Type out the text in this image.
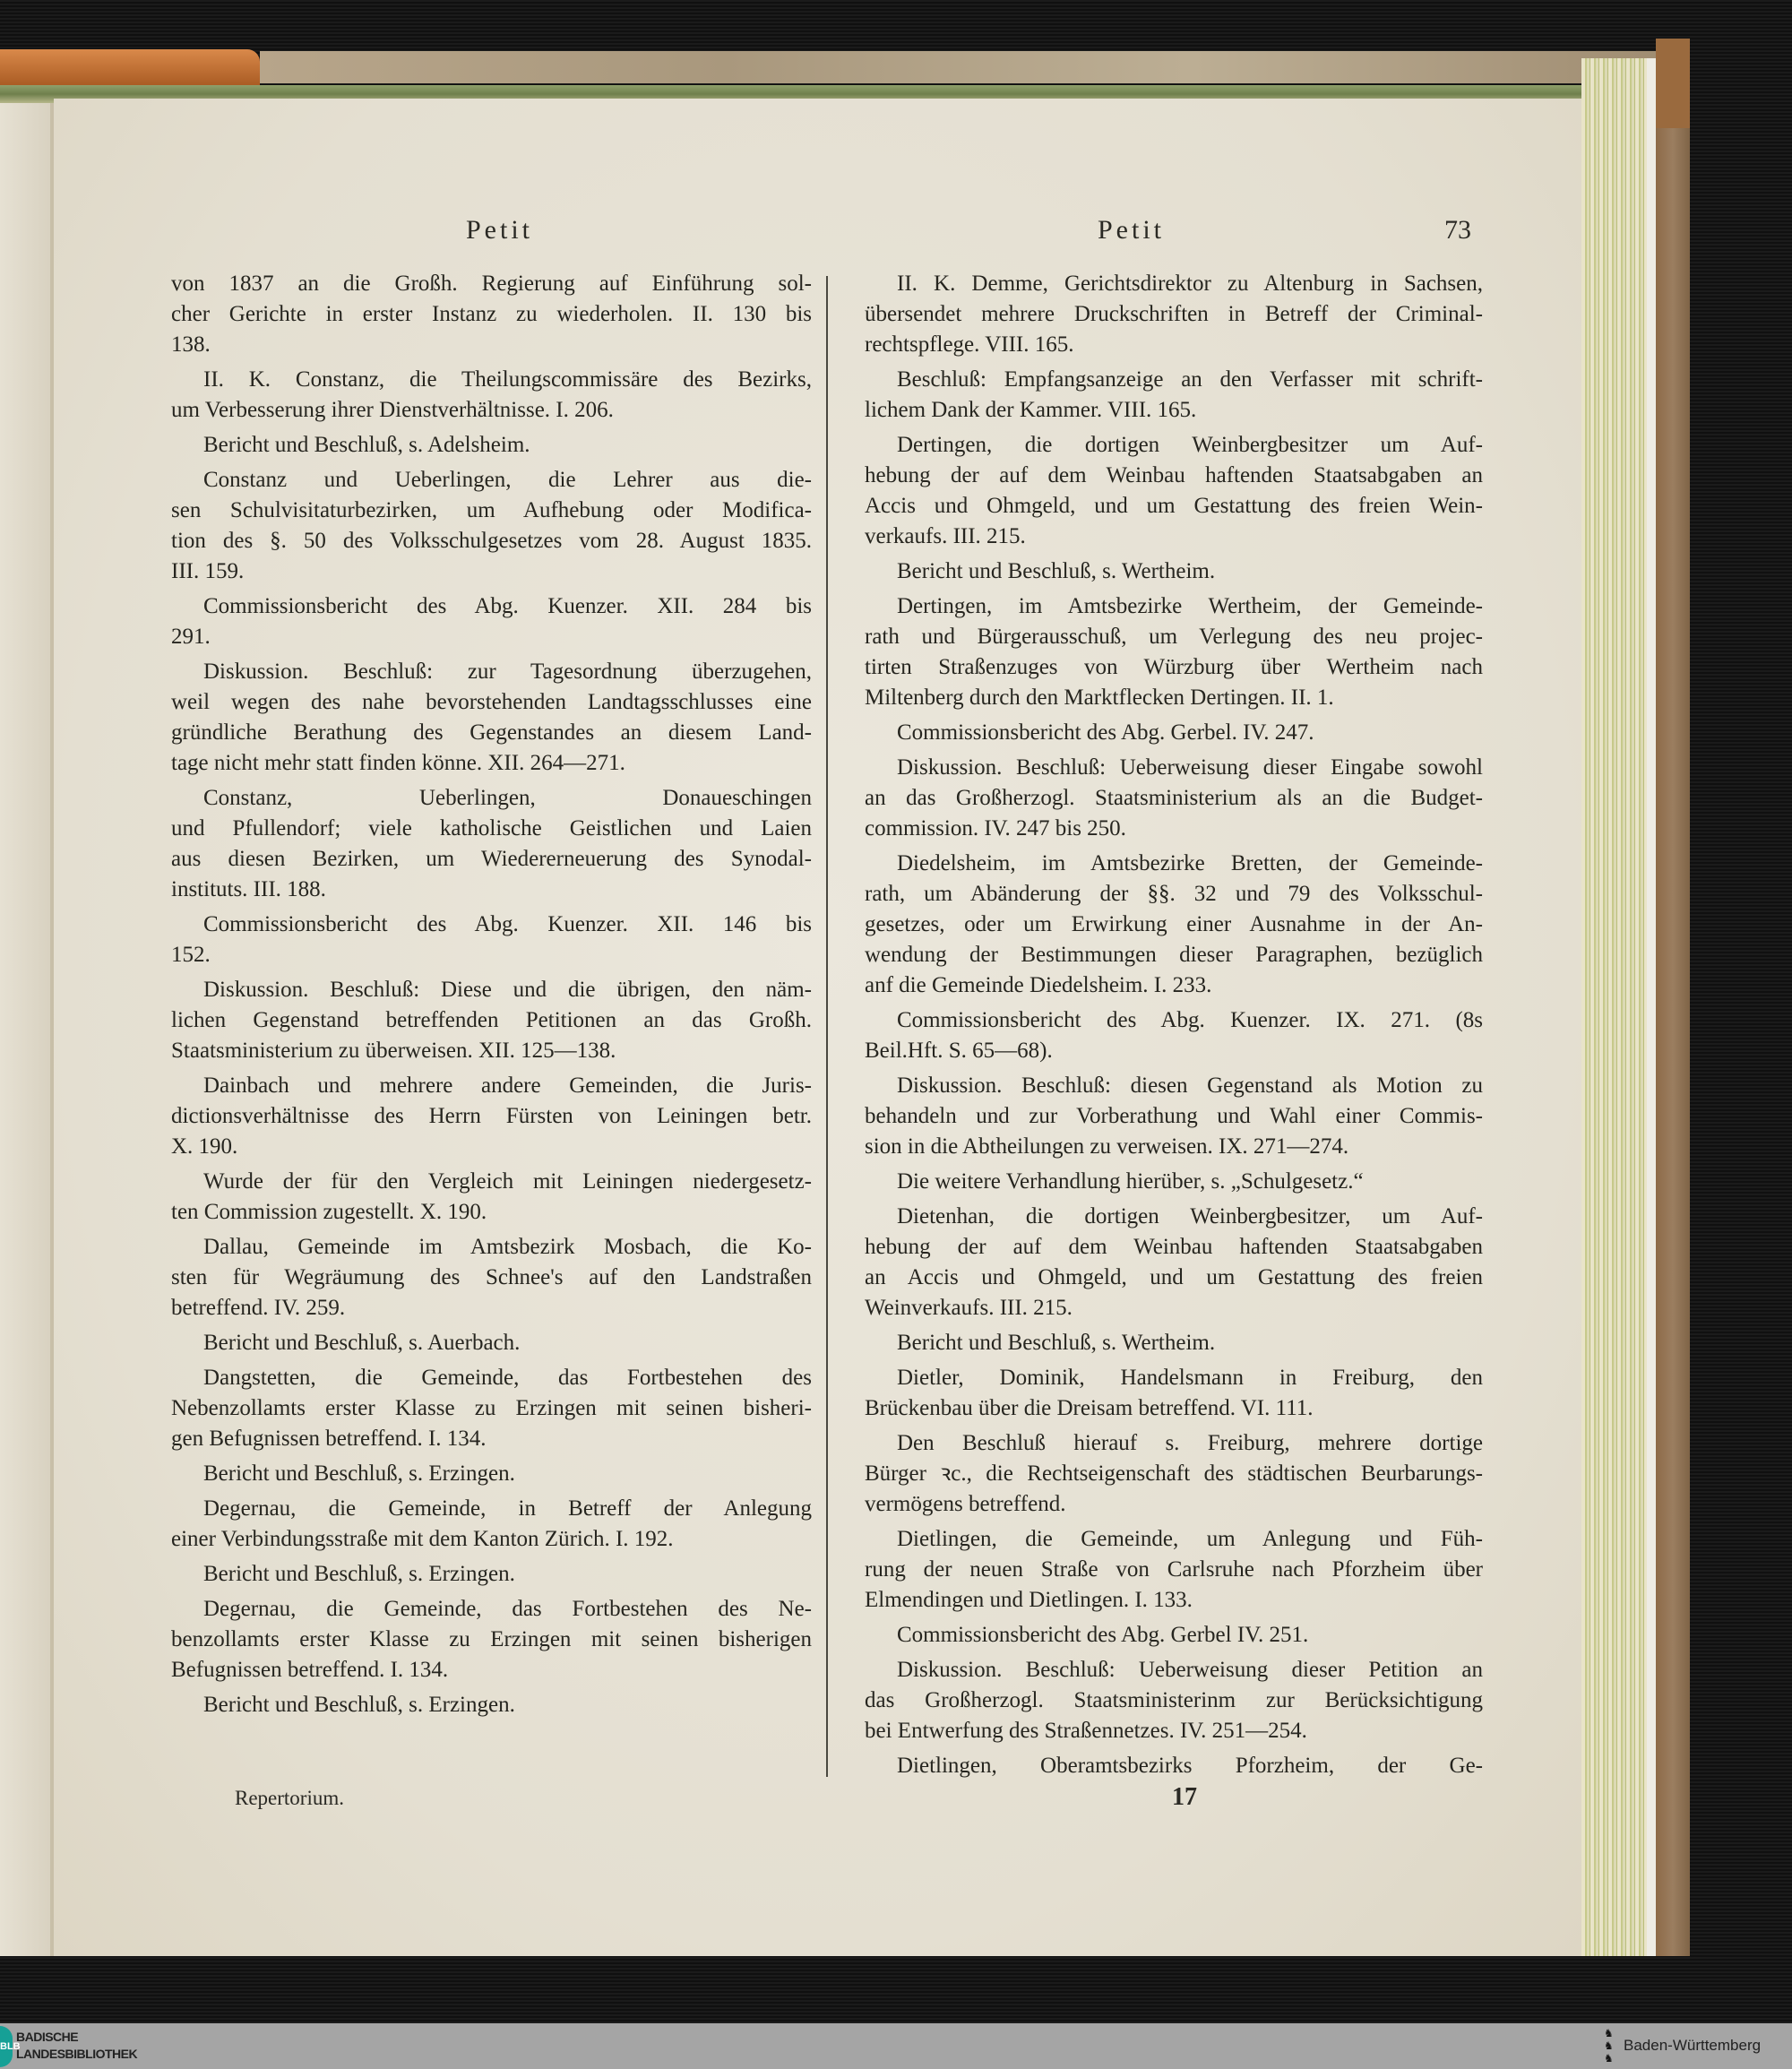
Petit	Petit	73
von 1837 an die Großh. Regierung auf Einführung sol-
cher Gerichte in erster Instanz zu wiederholen. II. 130 bis
138.
II. K. Constanz, die Theilungscommissäre des Bezirks,
um Verbesserung ihrer Dienstverhältnisse. I. 206.
Bericht und Beschluß, s. Adelsheim.
Constanz und Ueberlingen, die Lehrer aus die-
sen Schulvisitaturbezirken, um Aufhebung oder Modifica-
tion des §. 50 des Volksschulgesetzes vom 28. August 1835.
III. 159.
Commissionsbericht des Abg. Kuenzer. XII. 284 bis
291.
Diskussion. Beschluß: zur Tagesordnung überzugehen,
weil wegen des nahe bevorstehenden Landtagsschlusses eine
gründliche Berathung des Gegenstandes an diesem Land-
tage nicht mehr statt finden könne. XII. 264—271.
Constanz, Ueberlingen, Donaueschingen
und Pfullendorf; viele katholische Geistlichen und Laien
aus diesen Bezirken, um Wiedererneuerung des Synodal-
instituts. III. 188.
Commissionsbericht des Abg. Kuenzer. XII. 146 bis
152.
Diskussion. Beschluß: Diese und die übrigen, den näm-
lichen Gegenstand betreffenden Petitionen an das Großh.
Staatsministerium zu überweisen. XII. 125—138.
Dainbach und mehrere andere Gemeinden, die Juris-
dictionsverhältnisse des Herrn Fürsten von Leiningen betr.
X. 190.
Wurde der für den Vergleich mit Leiningen niedergesetz-
ten Commission zugestellt. X. 190.
Dallau, Gemeinde im Amtsbezirk Mosbach, die Ko-
sten für Wegräumung des Schnee's auf den Landstraßen
betreffend. IV. 259.
Bericht und Beschluß, s. Auerbach.
Dangstetten, die Gemeinde, das Fortbestehen des
Nebenzollamts erster Klasse zu Erzingen mit seinen bisheri-
gen Befugnissen betreffend. I. 134.
Bericht und Beschluß, s. Erzingen.
Degernau, die Gemeinde, in Betreff der Anlegung
einer Verbindungsstraße mit dem Kanton Zürich. I. 192.
Bericht und Beschluß, s. Erzingen.
Degernau, die Gemeinde, das Fortbestehen des Ne-
benzollamts erster Klasse zu Erzingen mit seinen bisherigen
Befugnissen betreffend. I. 134.
Bericht und Beschluß, s. Erzingen.
II. K. Demme, Gerichtsdirektor zu Altenburg in Sachsen,
übersendet mehrere Druckschriften in Betreff der Criminal-
rechtspflege. VIII. 165.
Beschluß: Empfangsanzeige an den Verfasser mit schrift-
lichem Dank der Kammer. VIII. 165.
Dertingen, die dortigen Weinbergbesitzer um Auf-
hebung der auf dem Weinbau haftenden Staatsabgaben an
Accis und Ohmgeld, und um Gestattung des freien Wein-
verkaufs. III. 215.
Bericht und Beschluß, s. Wertheim.
Dertingen, im Amtsbezirke Wertheim, der Gemeinde-
rath und Bürgerausschuß, um Verlegung des neu projec-
tirten Straßenzuges von Würzburg über Wertheim nach
Miltenberg durch den Marktflecken Dertingen. II. 1.
Commissionsbericht des Abg. Gerbel. IV. 247.
Diskussion. Beschluß: Ueberweisung dieser Eingabe sowohl
an das Großherzogl. Staatsministerium als an die Budget-
commission. IV. 247 bis 250.
Diedelsheim, im Amtsbezirke Bretten, der Gemeinde-
rath, um Abänderung der §§. 32 und 79 des Volksschul-
gesetzes, oder um Erwirkung einer Ausnahme in der An-
wendung der Bestimmungen dieser Paragraphen, bezüglich
anf die Gemeinde Diedelsheim. I. 233.
Commissionsbericht des Abg. Kuenzer. IX. 271. (8s
Beil.Hft. S. 65—68).
Diskussion. Beschluß: diesen Gegenstand als Motion zu
behandeln und zur Vorberathung und Wahl einer Commis-
sion in die Abtheilungen zu verweisen. IX. 271—274.
Die weitere Verhandlung hierüber, s. „Schulgesetz.“
Dietenhan, die dortigen Weinbergbesitzer, um Auf-
hebung der auf dem Weinbau haftenden Staatsabgaben
an Accis und Ohmgeld, und um Gestattung des freien
Weinverkaufs. III. 215.
Bericht und Beschluß, s. Wertheim.
Dietler, Dominik, Handelsmann in Freiburg, den
Brückenbau über die Dreisam betreffend. VI. 111.
Den Beschluß hierauf s. Freiburg, mehrere dortige
Bürger ꝛc., die Rechtseigenschaft des städtischen Beurbarungs-
vermögens betreffend.
Dietlingen, die Gemeinde, um Anlegung und Füh-
rung der neuen Straße von Carlsruhe nach Pforzheim über
Elmendingen und Dietlingen. I. 133.
Commissionsbericht des Abg. Gerbel IV. 251.
Diskussion. Beschluß: Ueberweisung dieser Petition an
das Großherzogl. Staatsministerinm zur Berücksichtigung
bei Entwerfung des Straßennetzes. IV. 251—254.
Dietlingen, Oberamtsbezirks Pforzheim, der Ge-
Repertorium.	17
BLB
BADISCHE
LANDESBIBLIOTHEK
♞
♞
♞
Baden-Württemberg
